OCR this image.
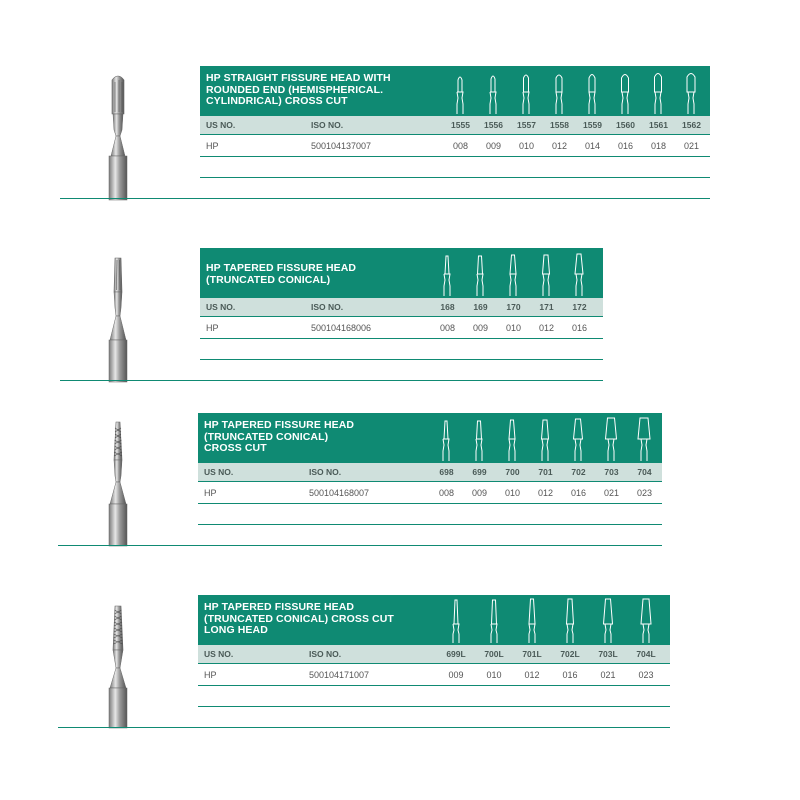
HP STRAIGHT FISSURE HEAD WITH
ROUNDED END (HEMISPHERICAL.
CYLINDRICAL) CROSS CUT
US NO.	ISO NO.	1555	1556	1557	1558	1559	1560	1561	1562
HP	500104137007	008	009	010	012	014	016	018	021
HP TAPERED FISSURE HEAD
(TRUNCATED CONICAL)
US NO.	ISO NO.	168	169	170	171	172
HP	500104168006	008	009	010	012	016
HP TAPERED FISSURE HEAD
(TRUNCATED CONICAL)
CROSS CUT
US NO.	ISO NO.	698	699	700	701	702	703	704
HP	500104168007	008	009	010	012	016	021	023
HP TAPERED FISSURE HEAD
(TRUNCATED CONICAL) CROSS CUT
LONG HEAD
US NO.	ISO NO.	699L	700L	701L	702L	703L	704L
HP	500104171007	009	010	012	016	021	023
